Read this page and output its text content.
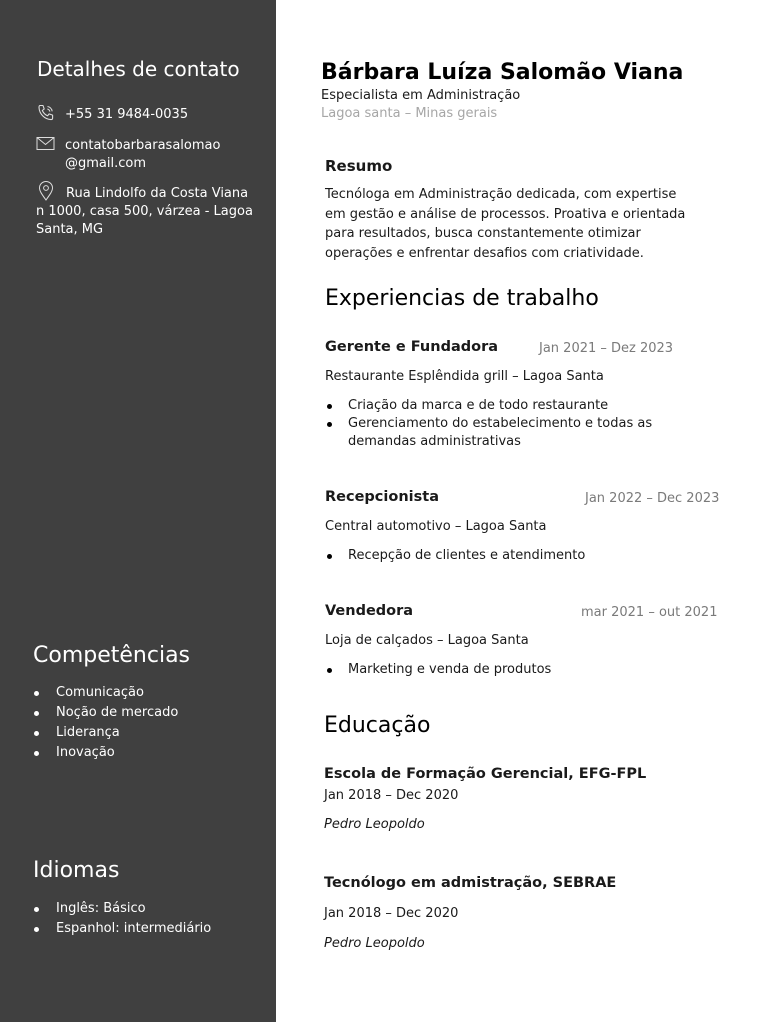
Detalhes de contato
+55 31 9484-0035
contatobarbarasalomao @gmail.com
Rua Lindolfo da Costa Viana n 1000, casa 500, várzea - Lagoa Santa, MG
Competências
Comunicação
Noção de mercado
Liderança
Inovação
Idiomas
Inglês: Básico
Espanhol: intermediário
Bárbara Luíza Salomão Viana
Especialista em Administração
Lagoa santa – Minas gerais
Resumo

Tecnóloga em Administração dedicada, com expertise em gestão e análise de processos. Proativa e orientada para resultados, busca constantemente otimizar operações e enfrentar desafios com criatividade.

Experiencias de trabalho
Gerente e Fundadora	Jan 2021 – Dez 2023
Restaurante Esplêndida grill – Lagoa Santa
Criação da marca e de todo restaurante
Gerenciamento do estabelecimento e todas as demandas administrativas
Recepcionista	Jan 2022 – Dec 2023
Central automotivo – Lagoa Santa
Recepção de clientes e atendimento
Vendedora	mar 2021 – out 2021
Loja de calçados – Lagoa Santa
Marketing e venda de produtos
Educação
Escola de Formação Gerencial, EFG-FPL
Jan 2018 – Dec 2020
Pedro Leopoldo
Tecnólogo em admistração, SEBRAE
Jan 2018 – Dec 2020
Pedro Leopoldo
